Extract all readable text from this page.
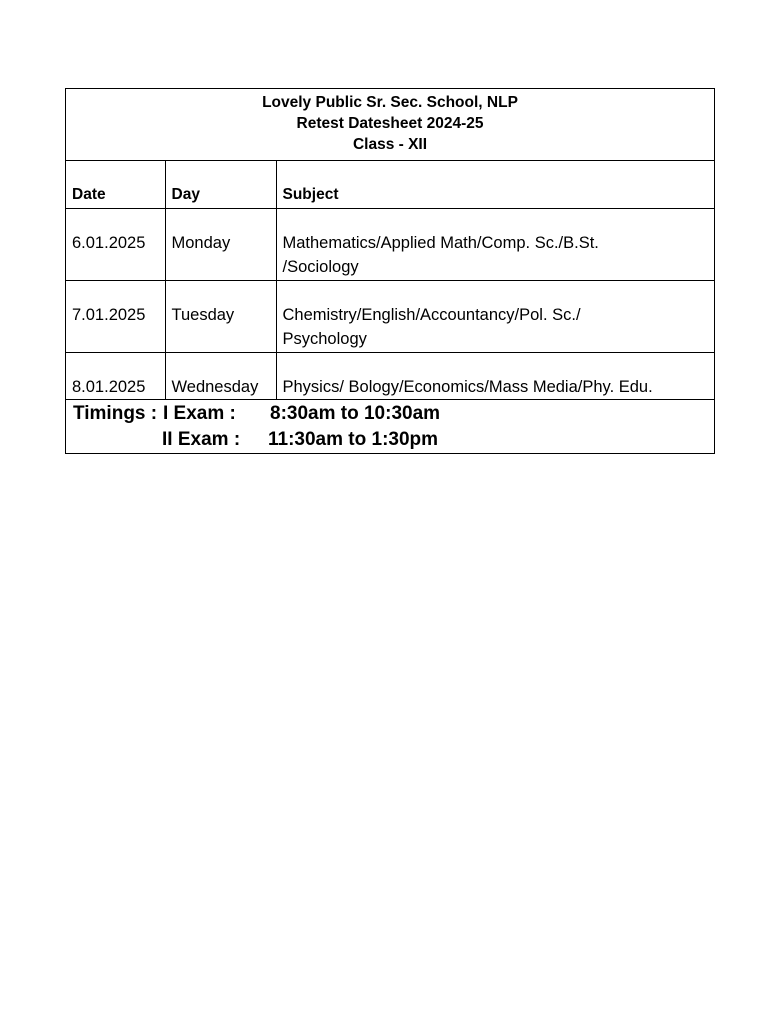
Lovely Public Sr. Sec. School, NLP
Retest Datesheet 2024-25
Class - XII
Date	Day	Subject
6.01.2025	Monday	Mathematics/Applied Math/Comp. Sc./B.St.
/Sociology

7.01.2025	Tuesday	Chemistry/English/Accountancy/Pol. Sc./
Psychology

8.01.2025	Wednesday	Physics/ Bology/Economics/Mass Media/Phy. Edu.
Timings : I Exam : 8:30am to 10:30am
II Exam : 11:30am to 1:30pm
